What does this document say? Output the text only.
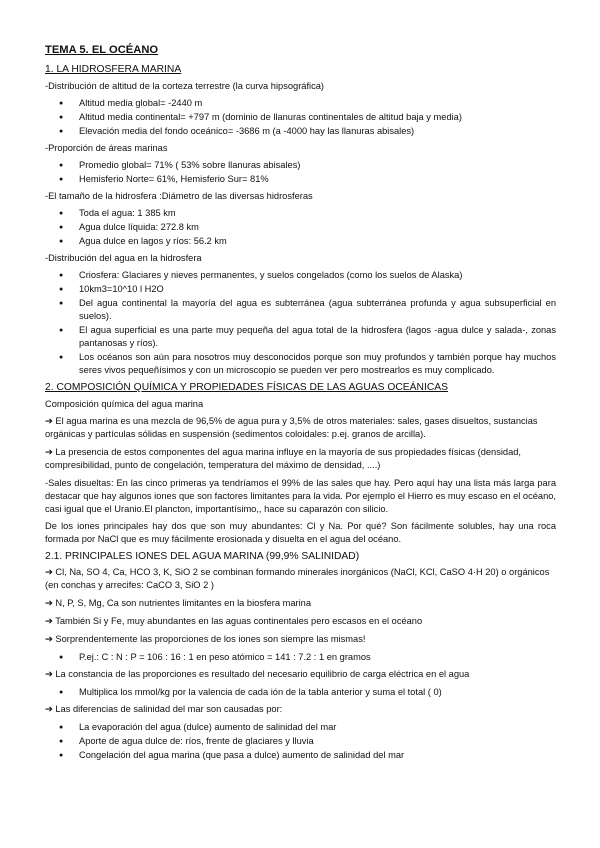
TEMA 5. EL OCÉANO
1. LA HIDROSFERA MARINA
-Distribución de altitud de la corteza terrestre (la curva hipsográfica)
● Altitud media global= -2440 m
● Altitud media continental= +797 m (dominio de llanuras continentales de altitud baja y media)
● Elevación media del fondo oceánico= -3686 m (a -4000 hay las llanuras abisales)
-Proporción de áreas marinas
● Promedio global= 71% ( 53% sobre llanuras abisales)
● Hemisferio Norte= 61%, Hemisferio Sur= 81%
-El tamaño de la hidrosfera :Diámetro de las diversas hidrosferas
● Toda el agua: 1 385 km
● Agua dulce líquida: 272.8 km
● Agua dulce en lagos y ríos: 56.2 km
-Distribución del agua en la hidrosfera
● Criosfera: Glaciares y nieves permanentes, y suelos congelados (como los suelos de Alaska)
● 10km3=10^10 l H2O
● Del agua continental la mayoría del agua es subterránea (agua subterránea profunda y agua subsuperficial en suelos).
● El agua superficial es una parte muy pequeña del agua total de la hidrosfera (lagos -agua dulce y salada-, zonas pantanosas y ríos).
● Los océanos son aún para nosotros muy desconocidos porque son muy profundos y también porque hay muchos seres vivos pequeñísimos y con un microscopio se pueden ver pero mostrearlos es muy complicado.
2. COMPOSICIÓN QUÍMICA Y PROPIEDADES FÍSICAS DE LAS AGUAS OCEÁNICAS
Composición química del agua marina
➔ El agua marina es una mezcla de 96,5% de agua pura y 3,5% de otros materiales: sales, gases disueltos, sustancias orgánicas y partículas sólidas en suspensión (sedimentos coloidales: p.ej. granos de arcilla).
➔ La presencia de estos componentes del agua marina influye en la mayoría de sus propiedades físicas (densidad, compresibilidad, punto de congelación, temperatura del máximo de densidad, ....)
-Sales disueltas: En las cinco primeras ya tendríamos el 99% de las sales que hay. Pero aquí hay una lista más larga para destacar que hay algunos iones que son factores limitantes para la vida. Por ejemplo el Hierro es muy escaso en el océano, casi igual que el Uranio.El plancton, importantísimo,, hace su caparazón con silicio.
De los iones principales hay dos que son muy abundantes: Cl y Na. Por qué? Son fácilmente solubles, hay una roca formada por NaCl que es muy fácilmente erosionada y disuelta en el agua del océano.
2.1. PRINCIPALES IONES DEL AGUA MARINA (99,9% SALINIDAD)
➔ Cl, Na, SO 4, Ca, HCO 3, K, SiO 2 se combinan formando minerales inorgánicos (NaCl, KCl, CaSO 4·H 20) o orgánicos (en conchas y arrecifes: CaCO 3, SiO 2 )
➔ N, P, S, Mg, Ca son nutrientes limitantes en la biosfera marina
➔ También Si y Fe, muy abundantes en las aguas continentales pero escasos en el océano
➔ Sorprendentemente las proporciones de los iones son siempre las mismas!
● P.ej.: C : N : P = 106 : 16 : 1 en peso atómico = 141 : 7.2 : 1 en gramos
➔ La constancia de las proporciones es resultado del necesario equilibrio de carga eléctrica en el agua
● Multiplica los mmol/kg por la valencia de cada ión de la tabla anterior y suma el total ( 0)
➔ Las diferencias de salinidad del mar son causadas por:
● La evaporación del agua (dulce) aumento de salinidad del mar
● Aporte de agua dulce de: ríos, frente de glaciares y lluvia
● Congelación del agua marina (que pasa a dulce) aumento de salinidad del mar
